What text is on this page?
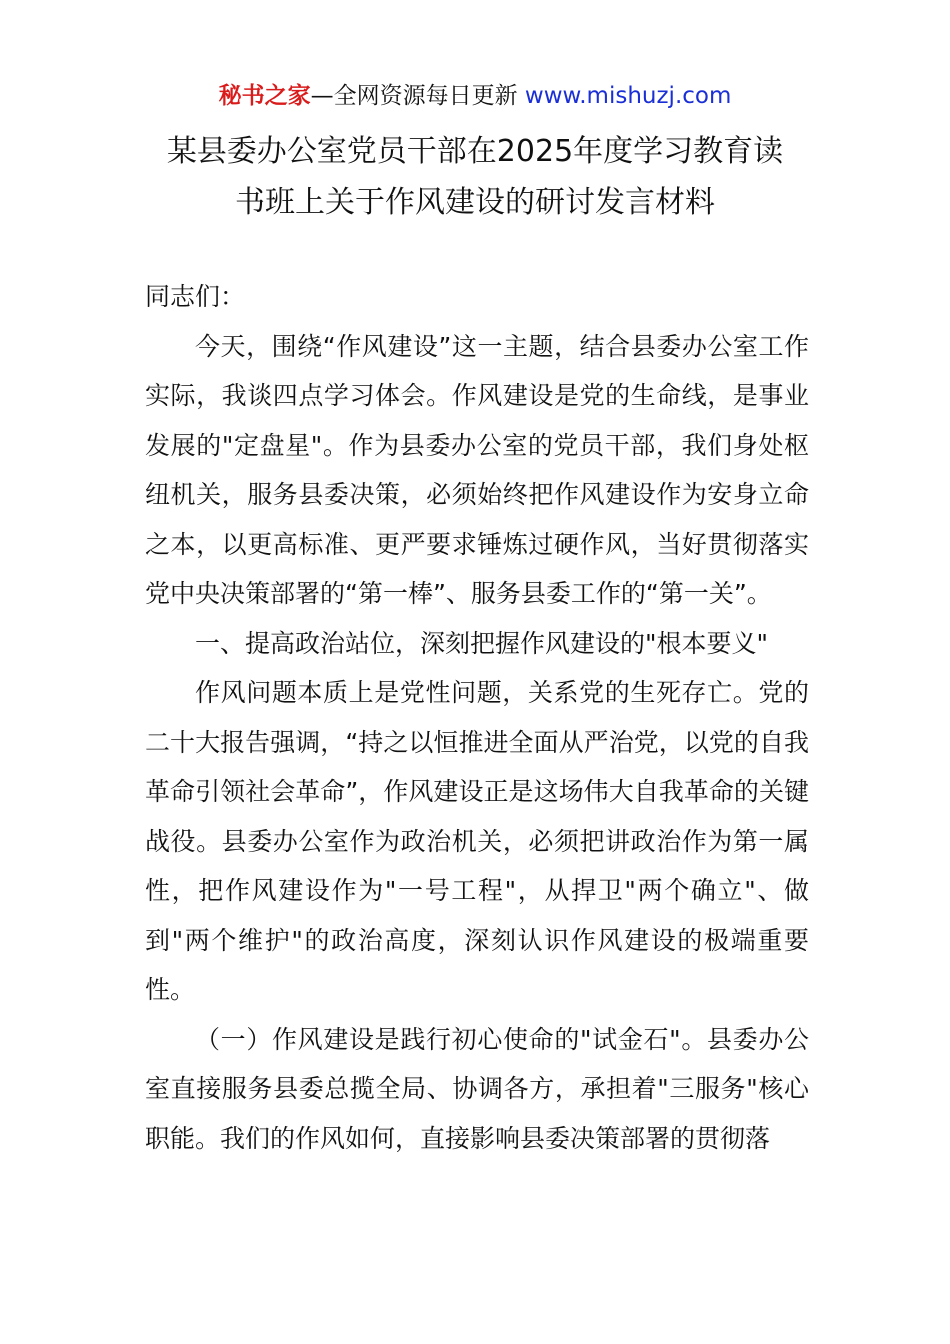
秘书之家—全网资源每日更新 www.mishuzj.com
某县委办公室党员干部在2025年度学习教育读
书班上关于作风建设的研讨发言材料

同志们：

今天，围绕“作风建设”这一主题，结合县委办公室工作实际，我谈四点学习体会。作风建设是党的生命线，是事业发展的"定盘星"。作为县委办公室的党员干部，我们身处枢纽机关，服务县委决策，必须始终把作风建设作为安身立命之本，以更高标准、更严要求锤炼过硬作风，当好贯彻落实党中央决策部署的“第一棒”、服务县委工作的“第一关”。

一、提高政治站位，深刻把握作风建设的"根本要义"

作风问题本质上是党性问题，关系党的生死存亡。党的二十大报告强调，“持之以恒推进全面从严治党，以党的自我革命引领社会革命”，作风建设正是这场伟大自我革命的关键战役。县委办公室作为政治机关，必须把讲政治作为第一属性，把作风建设作为"一号工程"，从捍卫"两个确立"、做到"两个维护"的政治高度，深刻认识作风建设的极端重要性。

（一）作风建设是践行初心使命的"试金石"。县委办公室直接服务县委总揽全局、协调各方，承担着"三服务"核心职能。我们的作风如何，直接影响县委决策部署的贯彻落
